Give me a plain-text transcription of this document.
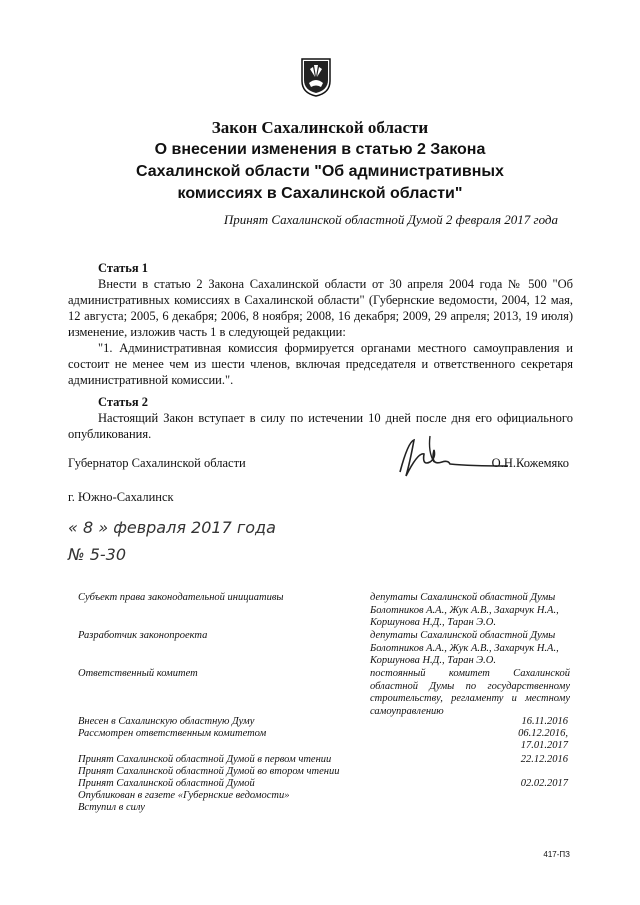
Закон Сахалинской области
О внесении изменения в статью 2 Закона
Сахалинской области "Об административных
комиссиях в Сахалинской области"
Принят Сахалинской областной Думой 2 февраля 2017 года
Статья 1
Внести в статью 2 Закона Сахалинской области от 30 апреля 2004 года № 500 "Об административных комиссиях в Сахалинской области" (Губернские ведомости, 2004, 12 мая, 12 августа; 2005, 6 декабря; 2006, 8 ноября; 2008, 16 декабря; 2009, 29 апреля; 2013, 19 июля) изменение, изложив часть 1 в следующей редакции:
"1. Административная комиссия формируется органами местного самоуправления и состоит не менее чем из шести членов, включая председателя и ответственного секретаря административной комиссии.".
Статья 2
Настоящий Закон вступает в силу по истечении 10 дней после дня его официального опубликования.
Губернатор Сахалинской области	О.Н.Кожемяко
г. Южно-Сахалинск
« 8 » февраля 2017 года
№ 5-30
Субъект права законодательной инициативы	депутаты Сахалинской областной Думы Болотников А.А., Жук А.В., Захарчук Н.А., Коршунова Н.Д., Таран Э.О.
Разработчик законопроекта	депутаты Сахалинской областной Думы Болотников А.А., Жук А.В., Захарчук Н.А., Коршунова Н.Д., Таран Э.О.
Ответственный комитет	постоянный комитет Сахалинской областной Думы по государственному строительству, регламенту и местному самоуправлению
Внесен в Сахалинскую областную Думу	16.11.2016
Рассмотрен ответственным комитетом	06.12.2016,
17.01.2017
Принят Сахалинской областной Думой в первом чтении	22.12.2016
Принят Сахалинской областной Думой во втором чтении
Принят Сахалинской областной Думой	02.02.2017
Опубликован в газете «Губернские ведомости»
Вступил в силу
417-ПЗ
